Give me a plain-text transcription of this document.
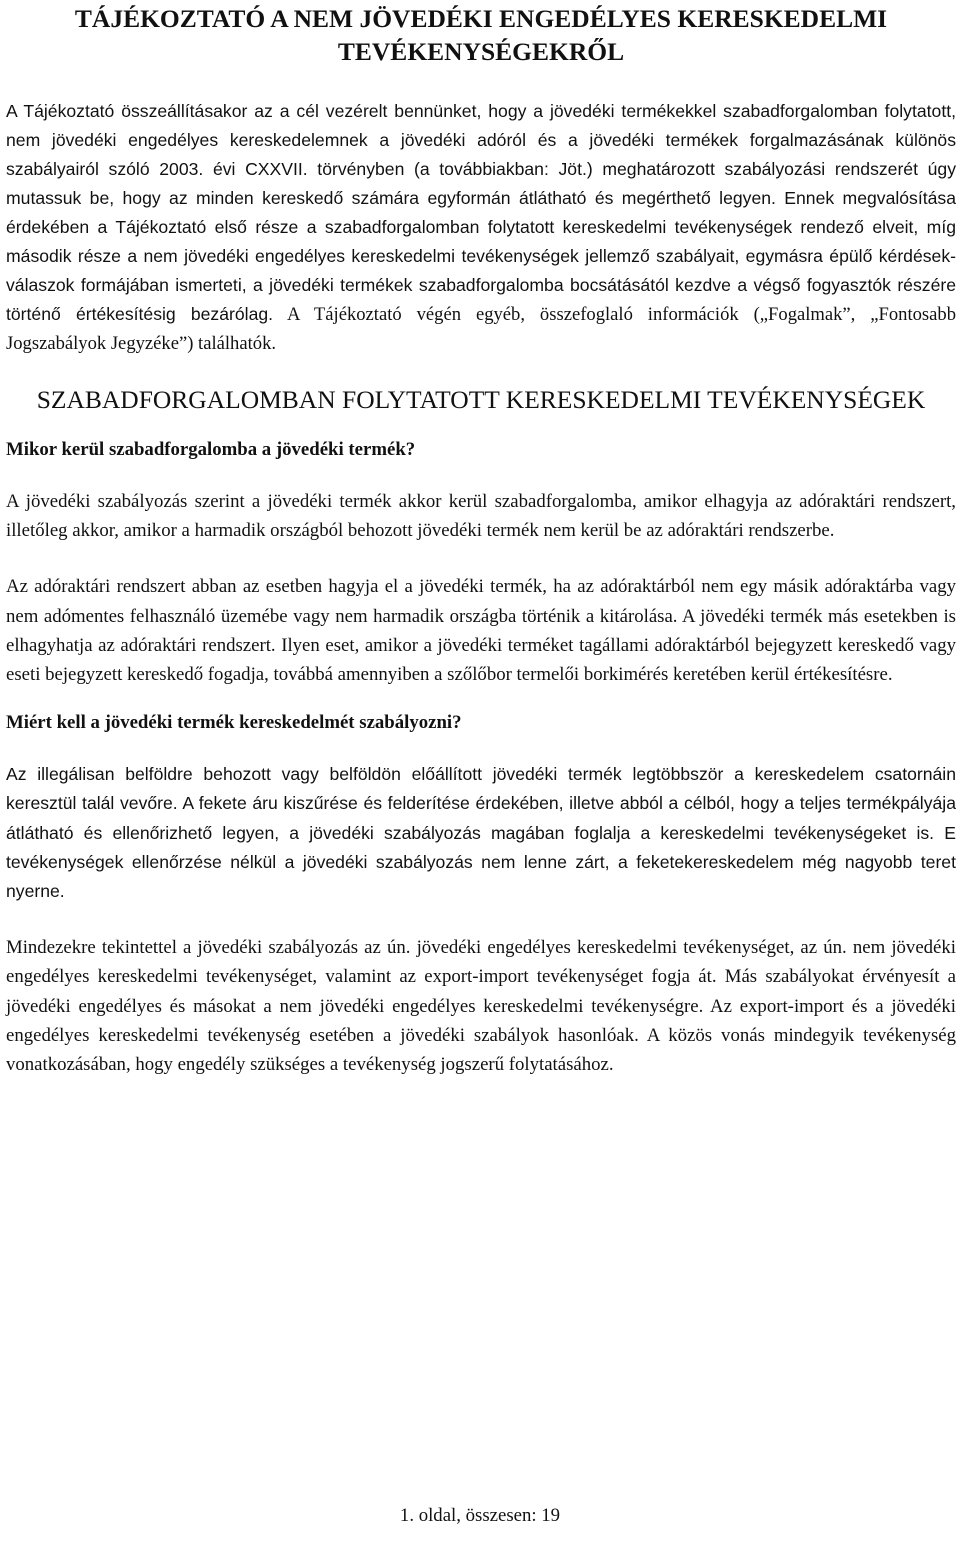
TÁJÉKOZTATÓ A NEM JÖVEDÉKI ENGEDÉLYES KERESKEDELMI TEVÉKENYSÉGEKRŐL

A Tájékoztató összeállításakor az a cél vezérelt bennünket, hogy a jövedéki termékekkel szabadforgalomban folytatott, nem jövedéki engedélyes kereskedelemnek a jövedéki adóról és a jövedéki termékek forgalmazásának különös szabályairól szóló 2003. évi CXXVII. törvényben (a továbbiakban: Jöt.) meghatározott szabályozási rendszerét úgy mutassuk be, hogy az minden kereskedő számára egyformán átlátható és megérthető legyen. Ennek megvalósítása érdekében a Tájékoztató első része a szabadforgalomban folytatott kereskedelmi tevékenységek rendező elveit, míg második része a nem jövedéki engedélyes kereskedelmi tevékenységek jellemző szabályait, egymásra épülő kérdések-válaszok formájában ismerteti, a jövedéki termékek szabadforgalomba bocsátásától kezdve a végső fogyasztók részére történő értékesítésig bezárólag. A Tájékoztató végén egyéb, összefoglaló információk („Fogalmak”, „Fontosabb Jogszabályok Jegyzéke”) találhatók.

SZABADFORGALOMBAN FOLYTATOTT KERESKEDELMI TEVÉKENYSÉGEK
Mikor kerül szabadforgalomba a jövedéki termék?

A jövedéki szabályozás szerint a jövedéki termék akkor kerül szabadforgalomba, amikor elhagyja az adóraktári rendszert, illetőleg akkor, amikor a harmadik országból behozott jövedéki termék nem kerül be az adóraktári rendszerbe.

Az adóraktári rendszert abban az esetben hagyja el a jövedéki termék, ha az adóraktárból nem egy másik adóraktárba vagy nem adómentes felhasználó üzemébe vagy nem harmadik országba történik a kitárolása. A jövedéki termék más esetekben is elhagyhatja az adóraktári rendszert. Ilyen eset, amikor a jövedéki terméket tagállami adóraktárból bejegyzett kereskedő vagy eseti bejegyzett kereskedő fogadja, továbbá amennyiben a szőlőbor termelői borkimérés keretében kerül értékesítésre.

Miért kell a jövedéki termék kereskedelmét szabályozni?

Az illegálisan belföldre behozott vagy belföldön előállított jövedéki termék legtöbbször a kereskedelem csatornáin keresztül talál vevőre. A fekete áru kiszűrése és felderítése érdekében, illetve abból a célból, hogy a teljes termékpályája átlátható és ellenőrizhető legyen, a jövedéki szabályozás magában foglalja a kereskedelmi tevékenységeket is. E tevékenységek ellenőrzése nélkül a jövedéki szabályozás nem lenne zárt, a feketekereskedelem még nagyobb teret nyerne.

Mindezekre tekintettel a jövedéki szabályozás az ún. jövedéki engedélyes kereskedelmi tevékenységet, az ún. nem jövedéki engedélyes kereskedelmi tevékenységet, valamint az export-import tevékenységet fogja át. Más szabályokat érvényesít a jövedéki engedélyes és másokat a nem jövedéki engedélyes kereskedelmi tevékenységre. Az export-import és a jövedéki engedélyes kereskedelmi tevékenység esetében a jövedéki szabályok hasonlóak. A közös vonás mindegyik tevékenység vonatkozásában, hogy engedély szükséges a tevékenység jogszerű folytatásához.

1. oldal, összesen: 19
